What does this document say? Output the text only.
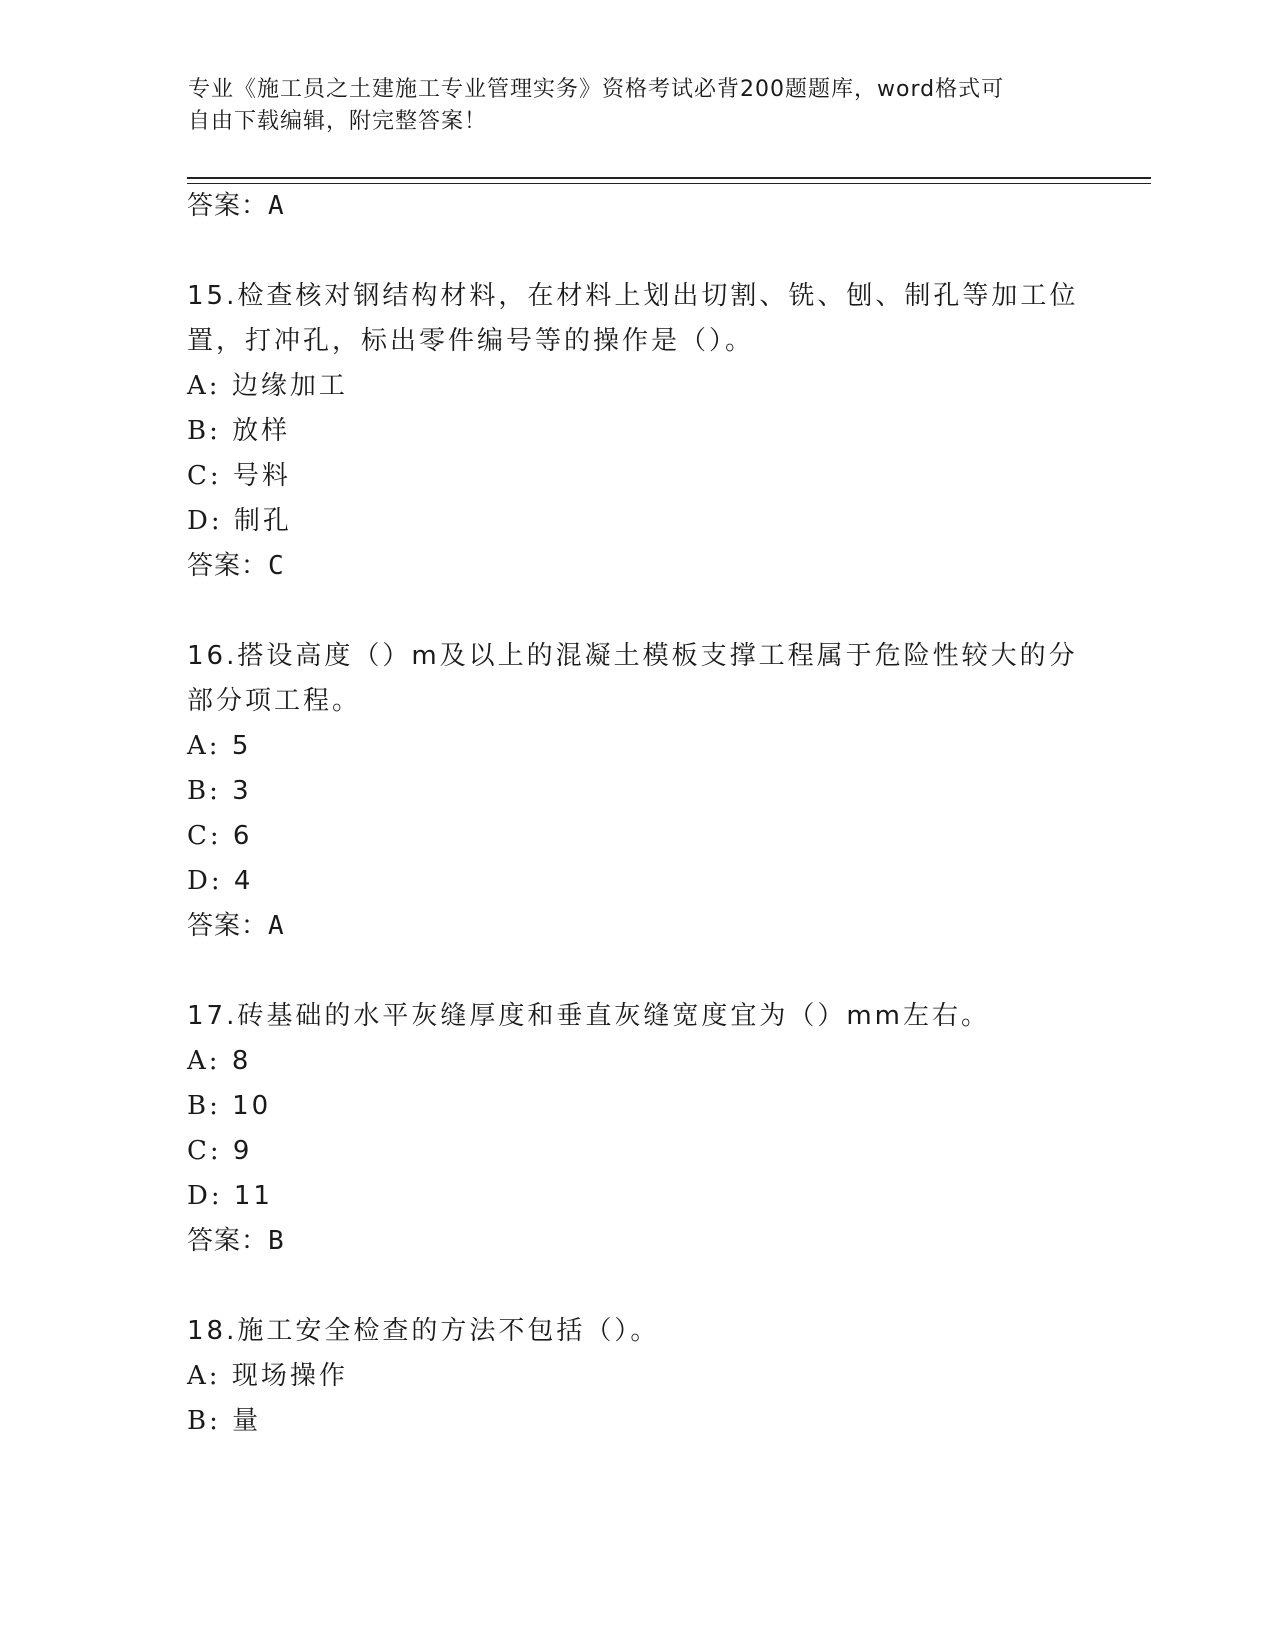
专业《施工员之土建施工专业管理实务》资格考试必背200题题库，word格式可
自由下载编辑，附完整答案！
答案：A
15.检查核对钢结构材料，在材料上划出切割、铣、刨、制孔等加工位
置，打冲孔，标出零件编号等的操作是（）。
A: 边缘加工
B: 放样
C: 号料
D: 制孔
答案：C
16.搭设高度（）m及以上的混凝土模板支撑工程属于危险性较大的分
部分项工程。
A: 5
B: 3
C: 6
D: 4
答案：A
17.砖基础的水平灰缝厚度和垂直灰缝宽度宜为（）mm左右。
A: 8
B: 10
C: 9
D: 11
答案：B
18.施工安全检查的方法不包括（）。
A: 现场操作
B: 量
